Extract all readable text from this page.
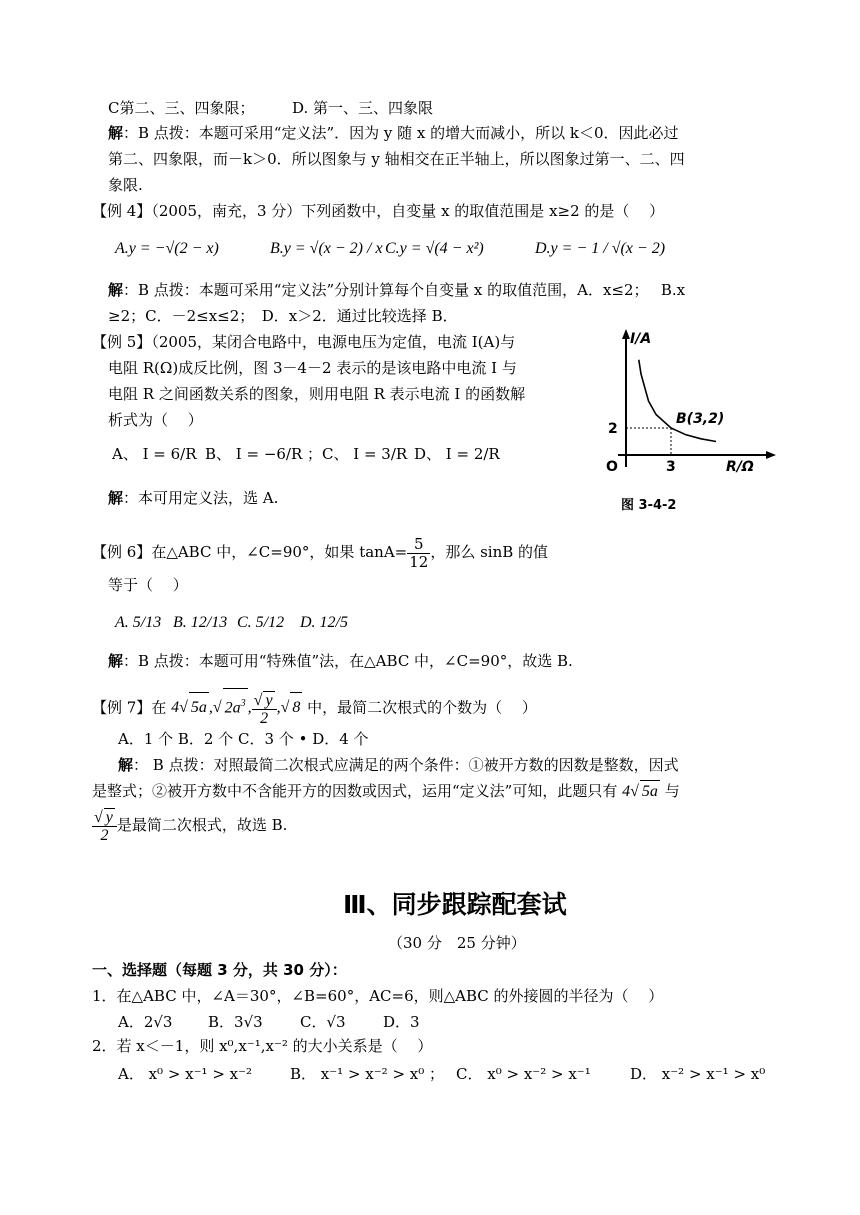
C第二、三、四象限；　　　D. 第一、三、四象限
解：B 点拨：本题可采用“定义法”．因为 y 随 x 的增大而减小，所以 k＜0．因此必过
第二、四象限，而－k＞0．所以图象与 y 轴相交在正半轴上，所以图象过第一、二、四
象限.
【例 4】（2005，南充，3 分）下列函数中，自变量 x 的取值范围是 x≥2 的是（　 ）
A.y = −√(2 − x)	B.y = √(x − 2) / x C.y = √(4 − x²)	D.y = − 1 / √(x − 2)
解：B 点拨：本题可采用“定义法”分别计算每个自变量 x 的取值范围，A．x≤2；　 B.x
≥2；C．－2≤x≤2；　D．x＞2．通过比较选择 B．
【例 5】（2005，某闭合电路中，电源电压为定值，电流 I(A)与
电阻 R(Ω)成反比例，图 3－4－2 表示的是该电路中电流 I 与
电阻 R 之间函数关系的图象，则用电阻 R 表示电流 I 的函数解
析式为（　 ）
A、 I = 6/R B、 I = −6/R ； C、 I = 3/R D、 I = 2/R
解：本可用定义法，选 A.
I/A
R/Ω
O
2
3
B(3,2)
图 3-4-2
【例 6】在△ABC 中，∠C=90°，如果 $\tan A= \frac{5}{12}$ ，那么 sinB 的值
等于（　 ）
A. 5/13 B. 12/13 C. 5/12 D. 12/5
解：B 点拨：本题可用“特殊值”法，在△ABC 中，∠C=90°，故选 B.
【例 7】在 4√ 5a ,√ $2a^3$ , $\frac{√ y}{2}$ ,√ 8 中，最简二次根式的个数为（　 ）
A．1 个 B．2 个 C．3 个 • D．4 个
解： B 点拨：对照最简二次根式应满足的两个条件：①被开方数的因数是整数，因式
是整式；②被开方数中不含能开方的因数或因式，运用“定义法”可知，此题只有 4√ 5a 与
$\frac{√ y}{2}$ 是最简二次根式，故选 B.
Ⅲ、同步跟踪配套试
（30 分　25 分钟）
一、选择题（每题 3 分，共 30 分）：
1．在△ABC 中，∠A＝30°，∠B=60°，AC=6，则△ABC 的外接圆的半径为（　 ）
A．2√3 B．3√3 C．√3 D．3
2．若 x＜－1，则 x⁰,x⁻¹,x⁻² 的大小关系是（　 ）
A． x⁰ > x⁻¹ > x⁻²	B． x⁻¹ > x⁻² > x⁰ ； C． x⁰ > x⁻² > x⁻¹	D． x⁻² > x⁻¹ > x⁰
